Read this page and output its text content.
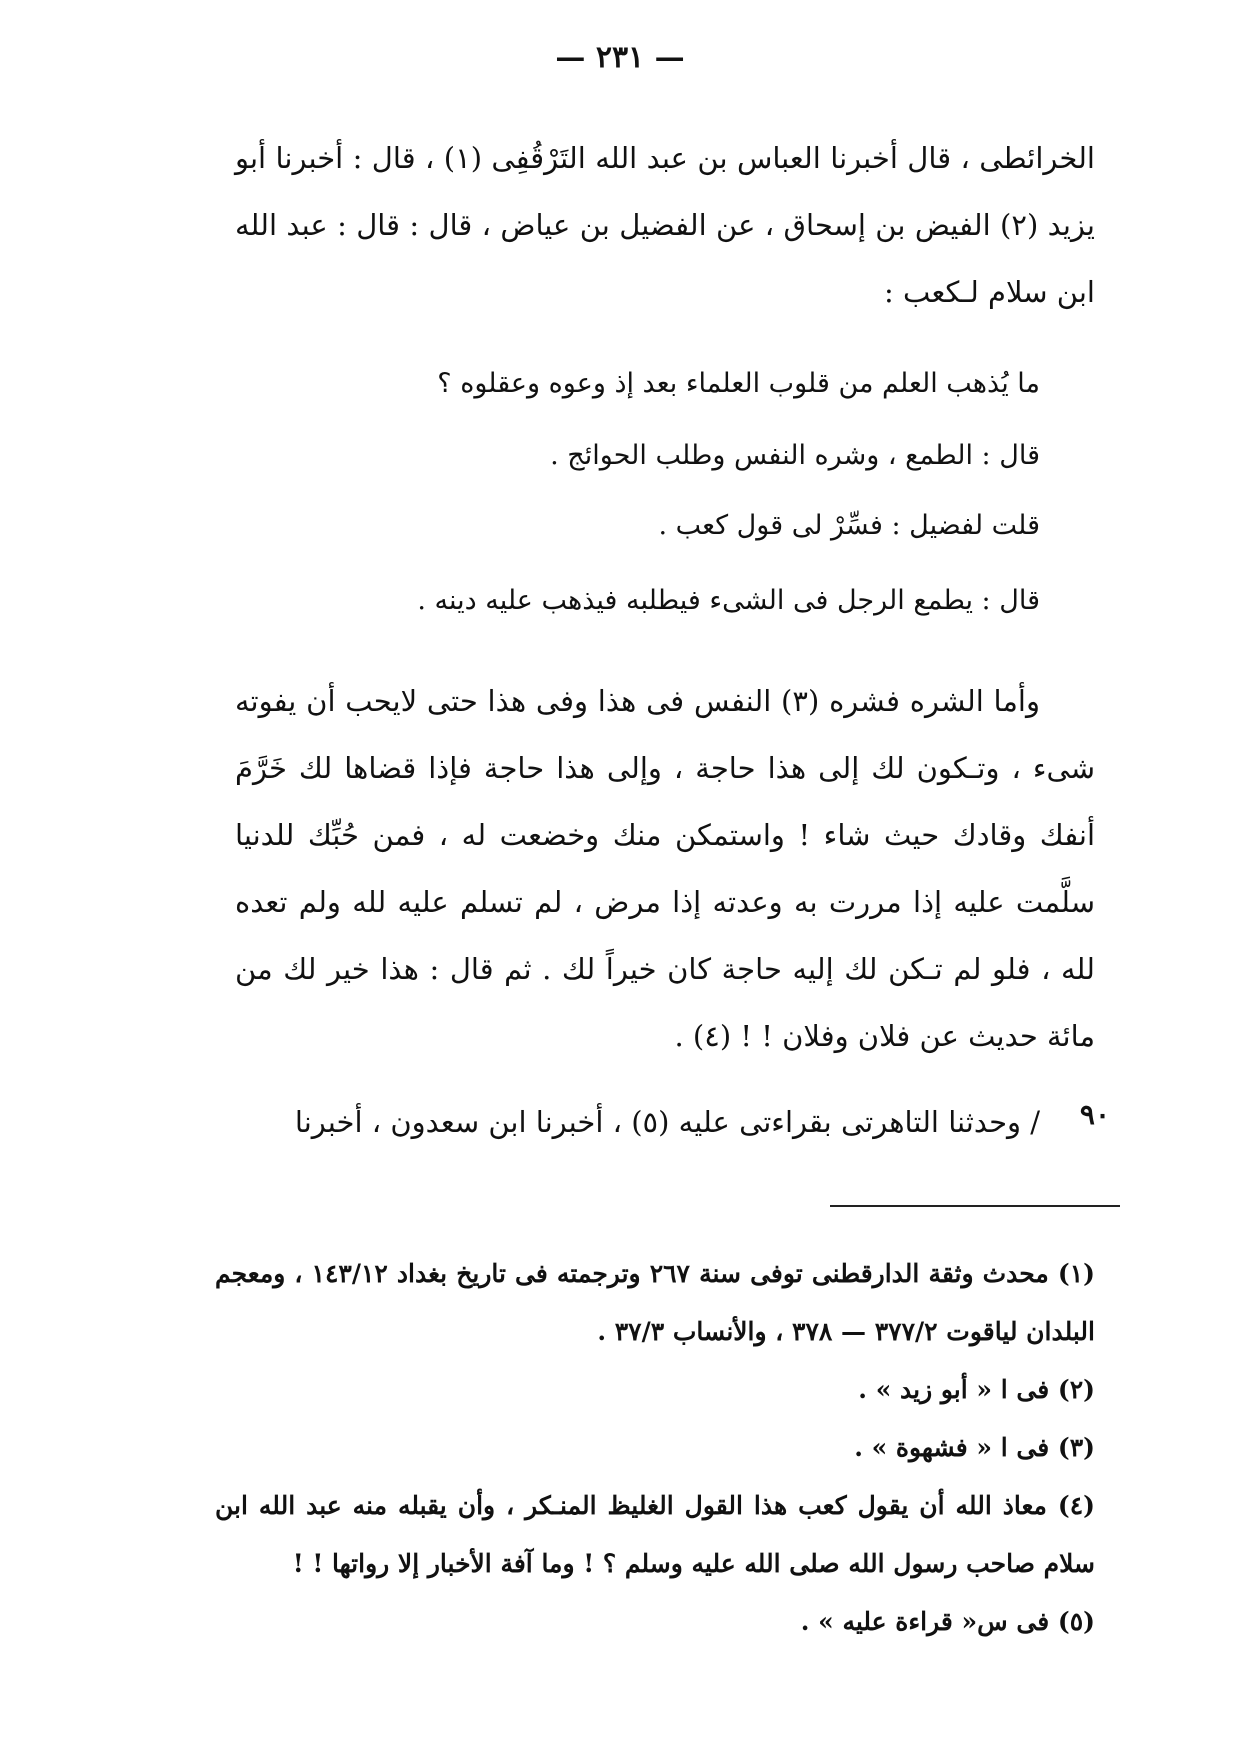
— ٢٣١ —
الخرائطى ، قال أخبرنا العباس بن عبد الله التَرْقُفِى (١) ، قال : أخبرنا أبو يزيد (٢) الفيض بن إسحاق ، عن الفضيل بن عياض ، قال : قال : عبد الله ابن سلام لـكعب :
ما يُذهب العلم من قلوب العلماء بعد إذ وعوه وعقلوه ؟
قال : الطمع ، وشره النفس وطلب الحوائج .
قلت لفضيل : فسِّرْ لى قول كعب .
قال : يطمع الرجل فى الشىء فيطلبه فيذهب عليه دينه .

وأما الشره فشره (٣) النفس فى هذا وفى هذا حتى لايحب أن يفوته شىء ، وتـكون لك إلى هذا حاجة ، وإلى هذا حاجة فإذا قضاها لك خَرَّمَ أنفك وقادك حيث شاء ! واستمكن منك وخضعت له ، فمن حُبِّك للدنيا سلَّمت عليه إذا مررت به وعدته إذا مرض ، لم تسلم عليه لله ولم تعده لله ، فلو لم تـكن لك إليه حاجة كان خيراً لك . ثم قال : هذا خير لك من مائة حديث عن فلان وفلان ! ! (٤) .

/ وحدثنا التاهرتى بقراءتى عليه (٥) ، أخبرنا ابن سعدون ، أخبرنا ٩٠

(١) محدث وثقة الدارقطنى توفى سنة ٢٦٧ وترجمته فى تاريخ بغداد ١٤٣/١٢ ، ومعجم البلدان لياقوت ٣٧٧/٢ — ٣٧٨ ، والأنساب ٣٧/٣ .

(٢) فى ا « أبو زيد » .

(٣) فى ا « فشهوة » .

(٤) معاذ الله أن يقول كعب هذا القول الغليظ المنـكر ، وأن يقبله منه عبد الله ابن سلام صاحب رسول الله صلى الله عليه وسلم ؟ ! وما آفة الأخبار إلا رواتها ! !

(٥) فى س« قراءة عليه » .
